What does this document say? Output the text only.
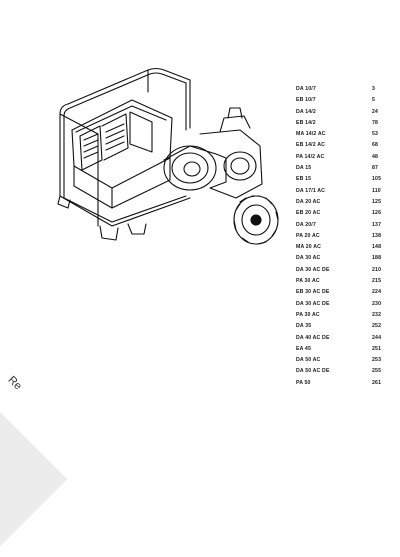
Re
DA 10/7	3
EB 10/7	5
DA 14/2	24
EB 14/2	78
MA 14/2 AC	53
EB 14/2 AC	68
PA 14/2 AC	48
DA 15	87
EB 15	105
DA 17/1 AC	110
DA 20 AC	125
EB 20 AC	126
DA 20/7	137
PA 20 AC	138
MA 20 AC	148
DA 30 AC	188
DA 30 AC DE	210
PA 30 AC	215
EB 30 AC DE	224
DA 30 AC DE	230
PA 30 AC	232
DA 35	252
DA 40 AC DE	244
EA 45	251
DA 50 AC	253
DA 50 AC DE	255
PA 50	261
